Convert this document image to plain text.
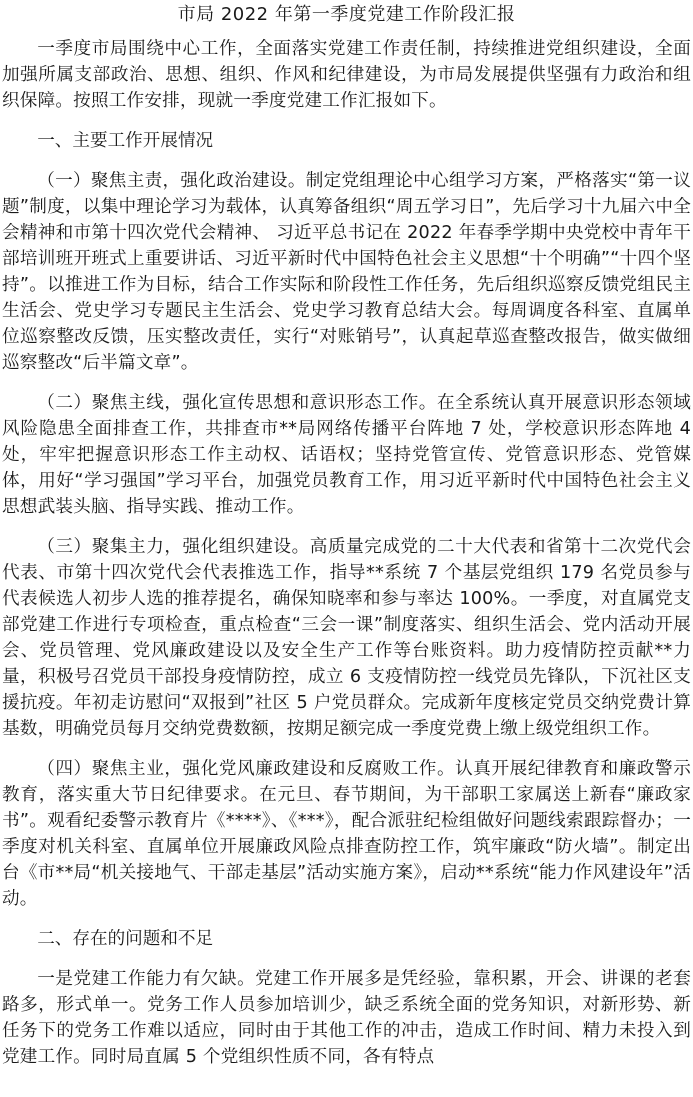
市局 2022 年第一季度党建工作阶段汇报

一季度市局围绕中心工作，全面落实党建工作责任制，持续推进党组织建设，全面加强所属支部政治、思想、组织、作风和纪律建设，为市局发展提供坚强有力政治和组织保障。按照工作安排，现就一季度党建工作汇报如下。

一、主要工作开展情况

（一）聚焦主责，强化政治建设。制定党组理论中心组学习方案，严格落实“第一议题”制度，以集中理论学习为载体，认真筹备组织“周五学习日”，先后学习十九届六中全会精神和市第十四次党代会精神、 习近平总书记在 2022 年春季学期中央党校中青年干部培训班开班式上重要讲话、习近平新时代中国特色社会主义思想“十个明确”“十四个坚持”。以推进工作为目标，结合工作实际和阶段性工作任务，先后组织巡察反馈党组民主生活会、党史学习专题民主生活会、党史学习教育总结大会。每周调度各科室、直属单位巡察整改反馈，压实整改责任，实行“对账销号”，认真起草巡查整改报告，做实做细巡察整改“后半篇文章”。

（二）聚焦主线，强化宣传思想和意识形态工作。在全系统认真开展意识形态领域风险隐患全面排查工作，共排查市**局网络传播平台阵地 7 处，学校意识形态阵地 4 处，牢牢把握意识形态工作主动权、话语权；坚持党管宣传、党管意识形态、党管媒体，用好“学习强国”学习平台，加强党员教育工作，用习近平新时代中国特色社会主义思想武装头脑、指导实践、推动工作。

（三）聚集主力，强化组织建设。高质量完成党的二十大代表和省第十二次党代会代表、市第十四次党代会代表推选工作，指导**系统 7 个基层党组织 179 名党员参与代表候选人初步人选的推荐提名，确保知晓率和参与率达 100%。一季度，对直属党支部党建工作进行专项检查，重点检查“三会一课”制度落实、组织生活会、党内活动开展会、党员管理、党风廉政建设以及安全生产工作等台账资料。助力疫情防控贡献**力量，积极号召党员干部投身疫情防控，成立 6 支疫情防控一线党员先锋队，下沉社区支援抗疫。年初走访慰问“双报到”社区 5 户党员群众。完成新年度核定党员交纳党费计算基数，明确党员每月交纳党费数额，按期足额完成一季度党费上缴上级党组织工作。

（四）聚焦主业，强化党风廉政建设和反腐败工作。认真开展纪律教育和廉政警示教育，落实重大节日纪律要求。在元旦、春节期间，为干部职工家属送上新春“廉政家书”。观看纪委警示教育片《****》、《***》，配合派驻纪检组做好问题线索跟踪督办；一季度对机关科室、直属单位开展廉政风险点排查防控工作，筑牢廉政“防火墙”。制定出台《市**局“机关接地气、干部走基层”活动实施方案》，启动**系统“能力作风建设年”活动。

二、存在的问题和不足

一是党建工作能力有欠缺。党建工作开展多是凭经验，靠积累，开会、讲课的老套路多，形式单一。党务工作人员参加培训少，缺乏系统全面的党务知识，对新形势、新任务下的党务工作难以适应，同时由于其他工作的冲击，造成工作时间、精力未投入到党建工作。同时局直属 5 个党组织性质不同，各有特点
